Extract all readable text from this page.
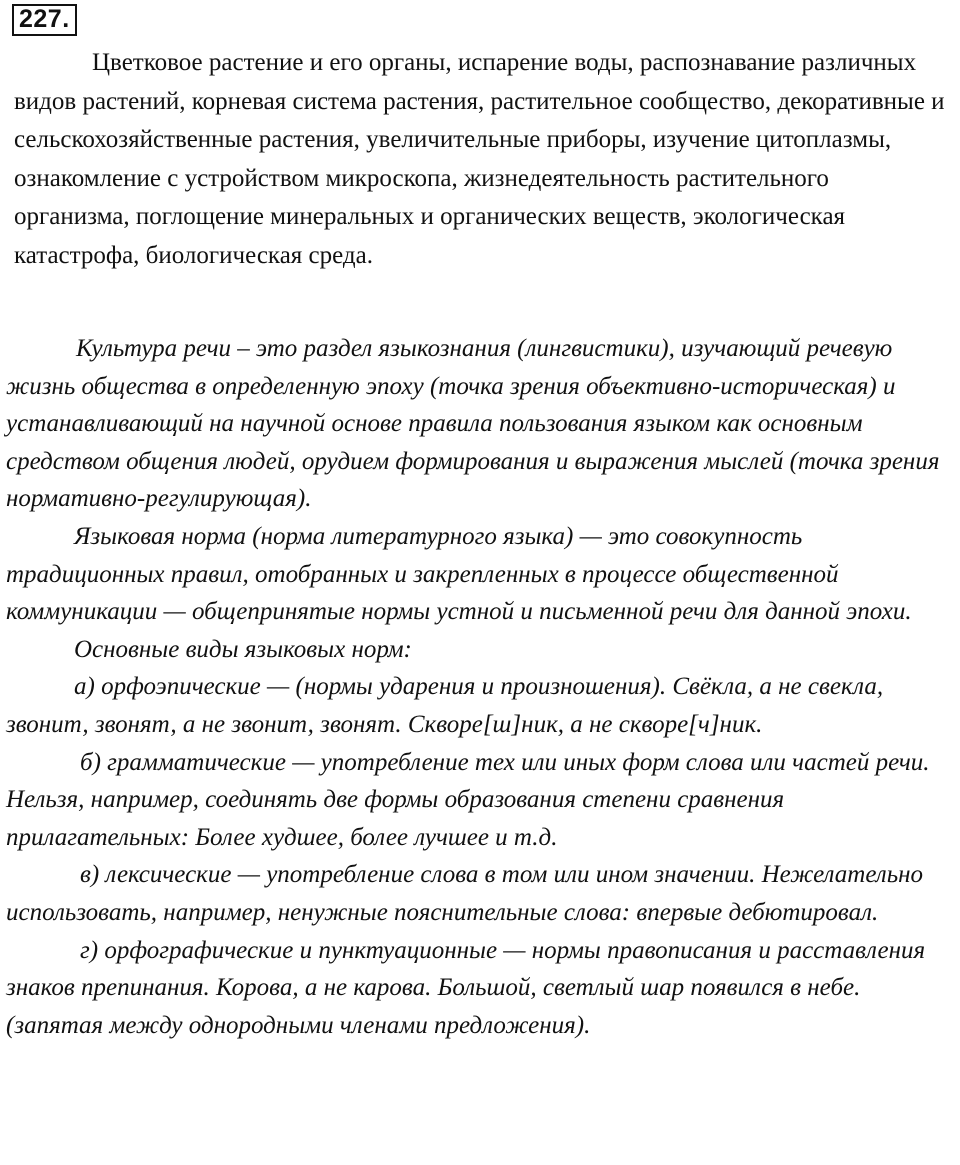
227.

Цветковое растение и его органы, испарение воды, распознавание различных видов растений, корневая система растения, растительное сообщество, декоративные и сельскохозяйственные растения, увеличительные приборы, изучение цитоплазмы, ознакомление с устройством микроскопа, жизнедеятельность растительного организма, поглощение минеральных и органических веществ, экологическая катастрофа, биологическая среда.

Культура речи – это раздел языкознания (лингвистики), изучающий речевую жизнь общества в определенную эпоху (точка зрения объективно-историческая) и устанавливающий на научной основе правила пользования языком как основным средством общения людей, орудием формирования и выражения мыслей (точка зрения нормативно-регулирующая).

Языковая норма (норма литературного языка) — это совокупность традиционных правил, отобранных и закрепленных в процессе общественной коммуникации — общепринятые нормы устной и письменной речи для данной эпохи.

Основные виды языковых норм:

а) орфоэпические — (нормы ударения и произношения). Свёкла, а не свекла, звонит, звонят, а не звонит, звонят. Скворе[ш]ник, а не скворе[ч]ник.

б) грамматические — употребление тех или иных форм слова или частей речи. Нельзя, например, соединять две формы образования степени сравнения прилагательных: Более худшее, более лучшее и т.д.

в) лексические — употребление слова в том или ином значении. Нежелательно использовать, например, ненужные пояснительные слова: впервые дебютировал.

г) орфографические и пунктуационные — нормы правописания и расставления знаков препинания. Корова, а не карова. Большой, светлый шар появился в небе. (запятая между однородными членами предложения).
